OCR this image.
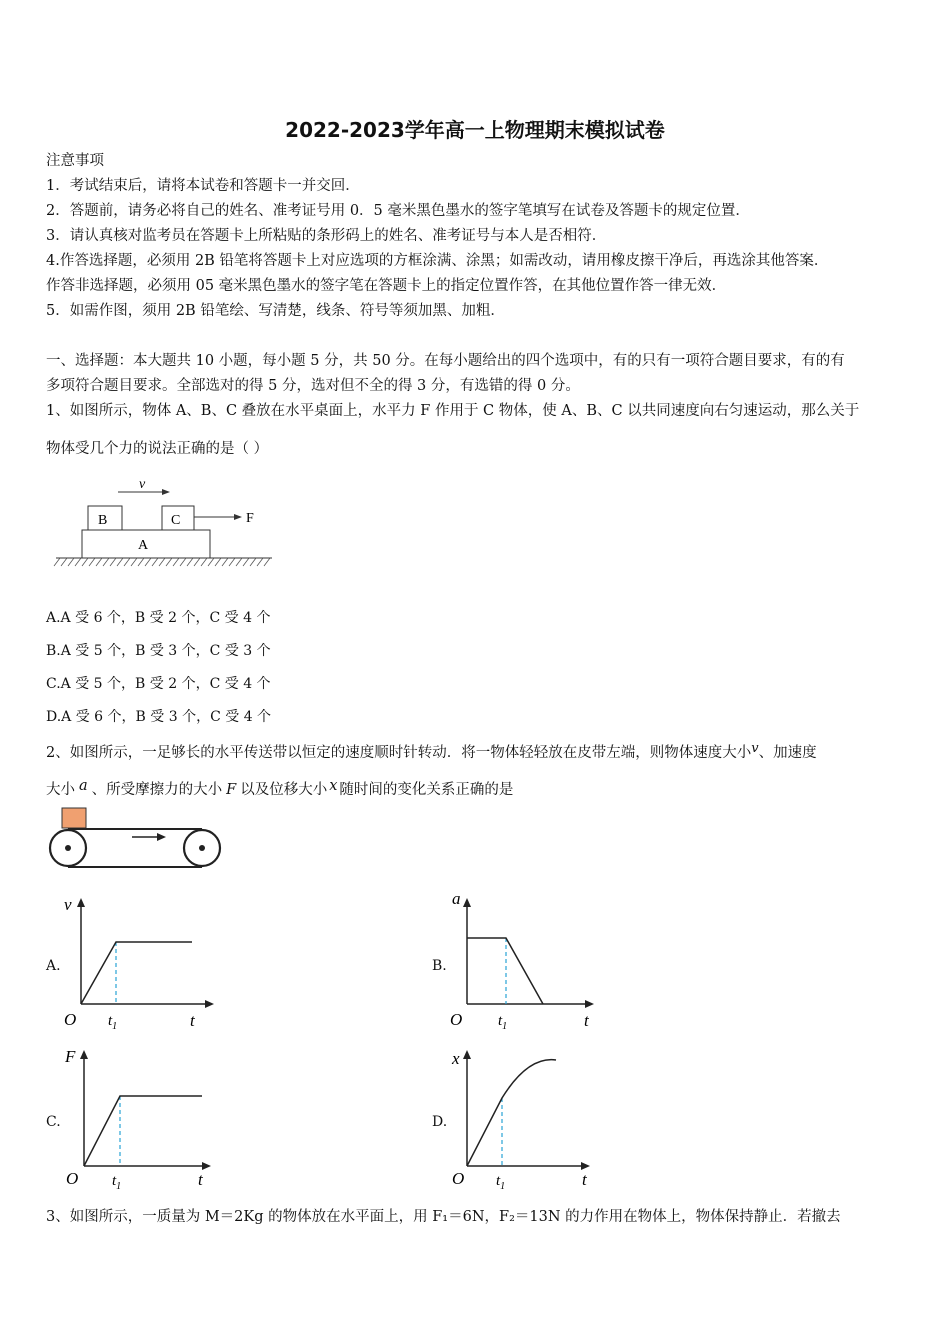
2022-2023学年高一上物理期末模拟试卷
注意事项
1．考试结束后，请将本试卷和答题卡一并交回．
2．答题前，请务必将自己的姓名、准考证号用 0．5 毫米黑色墨水的签字笔填写在试卷及答题卡的规定位置．
3．请认真核对监考员在答题卡上所粘贴的条形码上的姓名、准考证号与本人是否相符．
4.作答选择题，必须用 2B 铅笔将答题卡上对应选项的方框涂满、涂黑；如需改动，请用橡皮擦干净后，再选涂其他答案．
作答非选择题，必须用 05 毫米黑色墨水的签字笔在答题卡上的指定位置作答，在其他位置作答一律无效．
5．如需作图，须用 2B 铅笔绘、写清楚，线条、符号等须加黑、加粗．
一、选择题：本大题共 10 小题，每小题 5 分，共 50 分。在每小题给出的四个选项中，有的只有一项符合题目要求，有的有
多项符合题目要求。全部选对的得 5 分，选对但不全的得 3 分，有选错的得 0 分。
1、如图所示，物体 A、B、C 叠放在水平桌面上，水平力 F 作用于 C 物体，使 A、B、C 以共同速度向右匀速运动，那么关于
物体受几个力的说法正确的是（ ）
v
B	C	F
A
A.A 受 6 个，B 受 2 个，C 受 4 个
B.A 受 5 个，B 受 3 个，C 受 3 个
C.A 受 5 个，B 受 2 个，C 受 4 个
D.A 受 6 个，B 受 3 个，C 受 4 个
2、如图所示，一足够长的水平传送带以恒定的速度顺时针转动．将一物体轻轻放在皮带左端，则物体速度大小v、加速度
大小 a 、所受摩擦力的大小 F 以及位移大小 x 随时间的变化关系正确的是
A.
v
O	t
$t_1$
B.
a
O	t
$t_1$
C.
F
O	t
$t_1$
D.
x
O	t
$t_1$
3、如图所示，一质量为 M＝2Kg 的物体放在水平面上，用 F₁＝6N，F₂＝13N 的力作用在物体上，物体保持静止．若撤去
